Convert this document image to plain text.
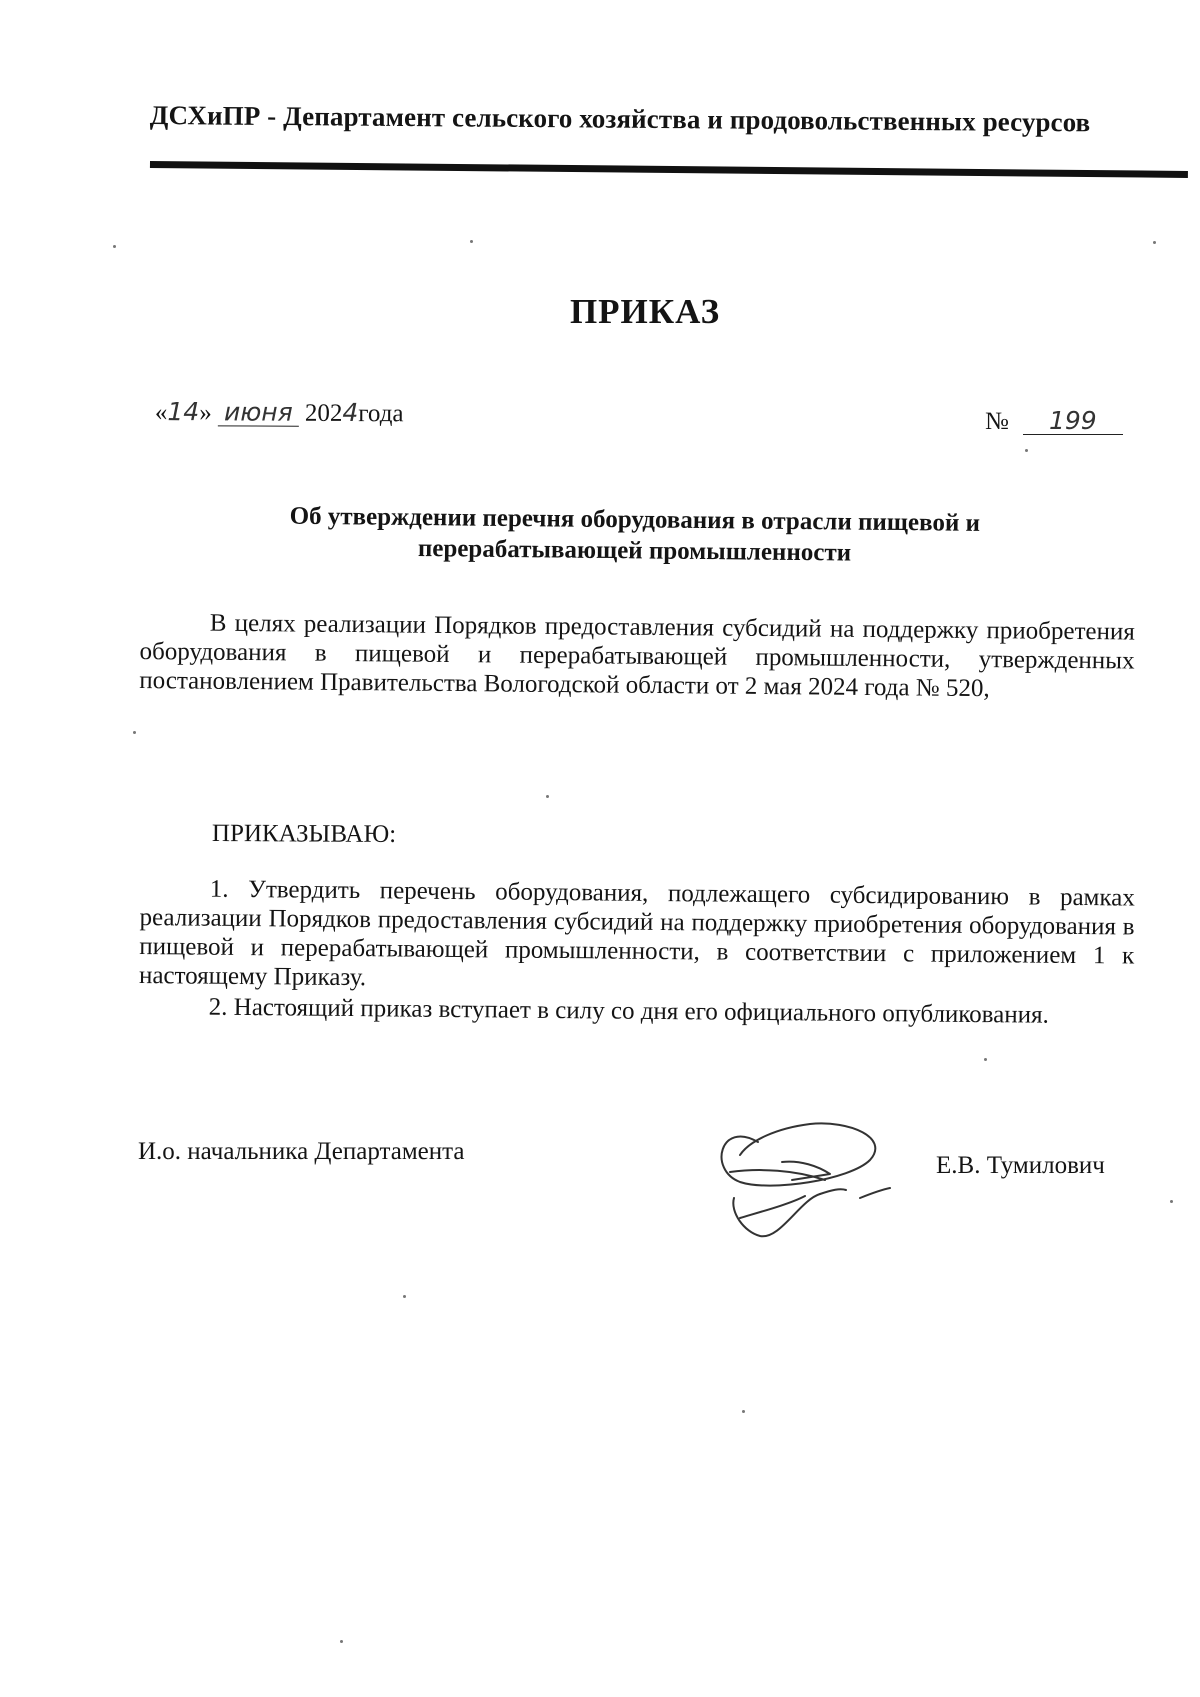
ДСХиПР - Департамент сельского хозяйства и продовольственных ресурсов
ПРИКАЗ
«14» июня 2024года	№ 199
Об утверждении перечня оборудования в отрасли пищевой и перерабатывающей промышленности

В целях реализации Порядков предоставления субсидий на поддержку приобретения оборудования в пищевой и перерабатывающей промышленности, утвержденных постановлением Правительства Вологодской области от 2 мая 2024 года № 520,

ПРИКАЗЫВАЮ:

1. Утвердить перечень оборудования, подлежащего субсидированию в рамках реализации Порядков предоставления субсидий на поддержку приобретения оборудования в пищевой и перерабатывающей промышленности, в соответствии с приложением 1 к настоящему Приказу.

2. Настоящий приказ вступает в силу со дня его официального опубликования.

И.о. начальника Департамента
Е.В. Тумилович
